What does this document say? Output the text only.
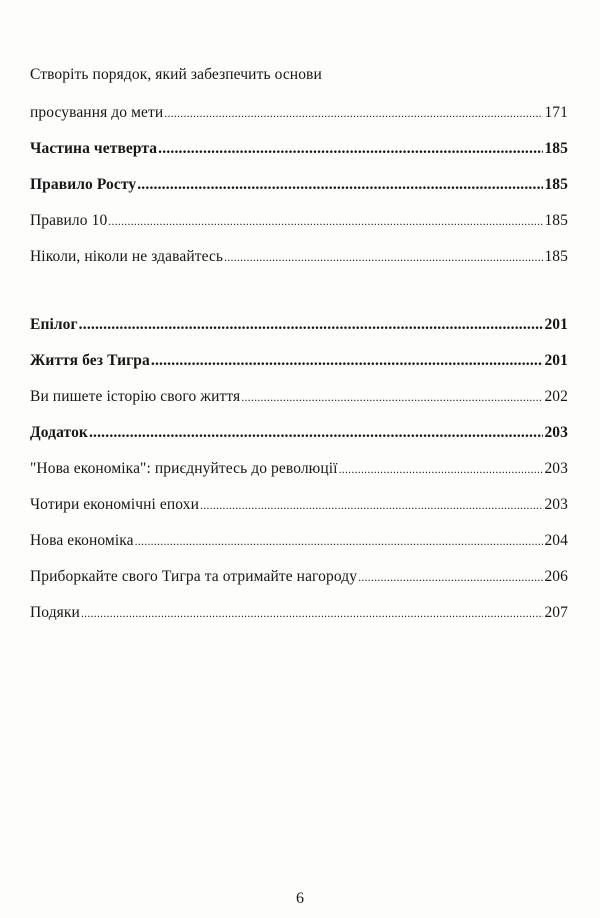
Створіть порядок, який забезпечить основи
просування до мети .....	171
Частина четверта .....	185
Правило Росту .....	185
Правило 10 .....	185
Ніколи, ніколи не здавайтесь .....	185
Епілог .....	201
Життя без Тигра .....	201
Ви пишете історію свого життя .....	202
Додаток .....	203
"Нова економіка": приєднуйтесь до революції .....	203
Чотири економічні епохи .....	203
Нова економіка .....	204
Приборкайте свого Тигра та отримайте нагороду .....	206
Подяки .....	207
6
